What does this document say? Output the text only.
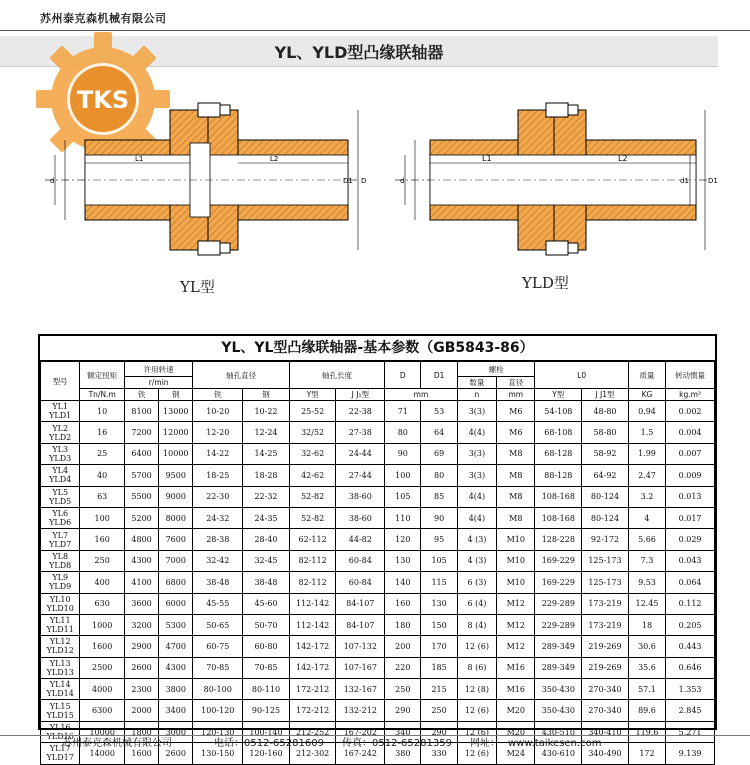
苏州泰克森机械有限公司
YL、YLD型凸缘联轴器
TKS
L1	L2
d	D1 D
YL型
L1	L2
d	d1	D1
YLD型
YL、YL型凸缘联轴器-基本参数（GB5843-86）
型号	额定扭矩	许用转速		轴孔直径		轴孔长度		D	D1	螺栓		L0		质量	转动惯量
		r/min								数量	直径				
	Tn/N.m	铁	钢	铁	钢	Y型	J J₁型	mm		n	mm	Y型	J J1型	KG	kg.m²

YL1
YLD1	10	8100	13000	10-20	10-22	25-52	22-38	71	53	3(3)	M6	54-108	48-80	0.94	0.002

YL2
YLD2	16	7200	12000	12-20	12-24	32/52	27-38	80	64	4(4)	M6	68-108	58-80	1.5	0.004

YL3
YLD3	25	6400	10000	14-22	14-25	32-62	24-44	90	69	3(3)	M8	68-128	58-92	1.99	0.007

YL4
YLD4	40	5700	9500	18-25	18-28	42-62	27-44	100	80	3(3)	M8	88-128	64-92	2.47	0.009

YL5
YLD5	63	5500	9000	22-30	22-32	52-82	38-60	105	85	4(4)	M8	108-168	80-124	3.2	0.013

YL6
YLD6	100	5200	8000	24-32	24-35	52-82	38-60	110	90	4(4)	M8	108-168	80-124	4	0.017

YL7
YLD7	160	4800	7600	28-38	28-40	62-112	44-82	120	95	4 (3)	M10	128-228	92-172	5.66	0.029

YL8
YLD8	250	4300	7000	32-42	32-45	82-112	60-84	130	105	4 (3)	M10	169-229	125-173	7.3	0.043

YL9
YLD9	400	4100	6800	38-48	38-48	82-112	60-84	140	115	6 (3)	M10	169-229	125-173	9.53	0.064

YL10
YLD10	630	3600	6000	45-55	45-60	112-142	84-107	160	130	6 (4)	M12	229-289	173-219	12.45	0.112

YL11
YLD11	1000	3200	5300	50-65	50-70	112-142	84-107	180	150	8 (4)	M12	229-289	173-219	18	0.205

YL12
YLD12	1600	2900	4700	60-75	60-80	142-172	107-132	200	170	12 (6)	M12	289-349	219-269	30.6	0.443

YL13
YLD13	2500	2600	4300	70-85	70-85	142-172	107-167	220	185	8 (6)	M16	289-349	219-269	35.6	0.646

YL14
YLD14	4000	2300	3800	80-100	80-110	172-212	132-167	250	215	12 (8)	M16	350-430	270-340	57.1	1.353

YL15
YLD15	6300	2000	3400	100-120	90-125	172-212	132-212	290	250	12 (6)	M20	350-430	270-340	89.6	2.845

YL16
YLD16	10000	1800	3000	120-130	100-140	212-252	167-202	340	290	12 (6)	M20	430-510	340-410	119.6	5.271

YL17
YLD17	14000	1600	2600	130-150	120-160	212-302	167-242	380	330	12 (6)	M24	430-610	340-490	172	9.139
苏州泰克森机械有限公司	电话：0512-65281609 传真：0512-65281359 网址： www.taikesen.com
